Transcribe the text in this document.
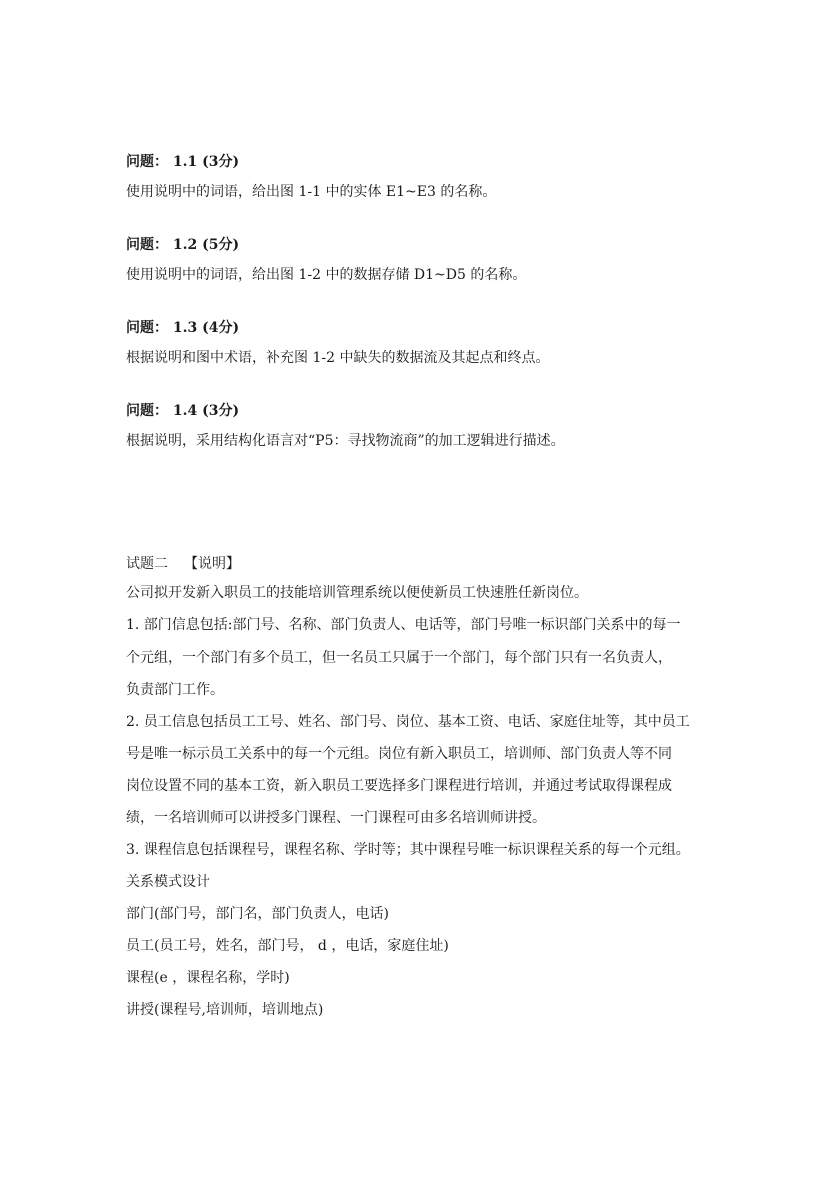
问题： 1.1 (3分)
使用说明中的词语，给出图 1-1 中的实体 E1~E3 的名称。
问题： 1.2 (5分)
使用说明中的词语，给出图 1-2 中的数据存储 D1~D5 的名称。
问题： 1.3 (4分)
根据说明和图中术语，补充图 1-2 中缺失的数据流及其起点和终点。
问题： 1.4 (3分)
根据说明，采用结构化语言对“P5：寻找物流商”的加工逻辑进行描述。
试题二 【说明】
公司拟开发新入职员工的技能培训管理系统以便使新员工快速胜任新岗位。
1. 部门信息包括:部门号、名称、部门负责人、电话等，部门号唯一标识部门关系中的每一
个元组，一个部门有多个员工，但一名员工只属于一个部门，每个部门只有一名负责人，
负责部门工作。
2. 员工信息包括员工工号、姓名、部门号、岗位、基本工资、电话、家庭住址等，其中员工
号是唯一标示员工关系中的每一个元组。岗位有新入职员工，培训师、部门负责人等不同
岗位设置不同的基本工资，新入职员工要选择多门课程进行培训，并通过考试取得课程成
绩，一名培训师可以讲授多门课程、一门课程可由多名培训师讲授。
3. 课程信息包括课程号，课程名称、学时等；其中课程号唯一标识课程关系的每一个元组。
关系模式设计
部门(部门号，部门名，部门负责人，电话)
员工(员工号，姓名，部门号， d ，电话，家庭住址)
课程(e ，课程名称，学时)
讲授(课程号,培训师，培训地点)
